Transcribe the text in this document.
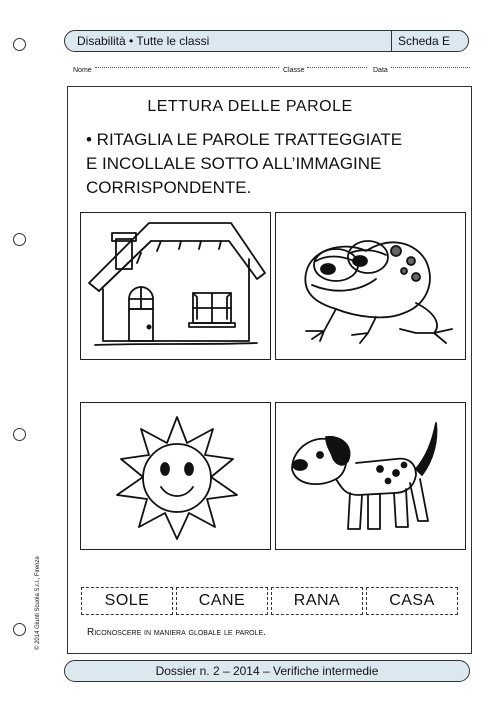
Disabilità • Tutte le classi	Scheda E
Nome	Classe	Data
LETTURA DELLE PAROLE
• RITAGLIA LE PAROLE TRATTEGGIATE
E INCOLLALE SOTTO ALL’IMMAGINE
CORRISPONDENTE.
SOLE	CANE	RANA	CASA
Riconoscere in maniera globale le parole.
Dossier n. 2 – 2014 – Verifiche intermedie
© 2014 Giunti Scuola S.r.l., Firenze
